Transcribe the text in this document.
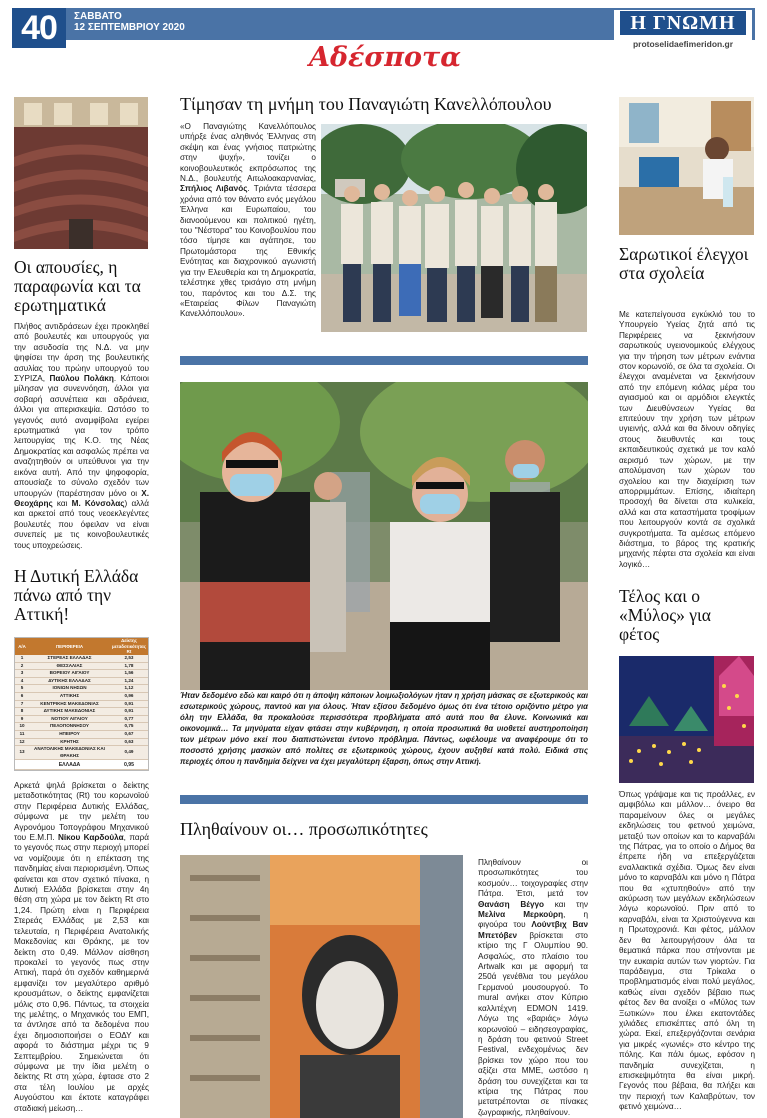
40	ΣΑΒΒΑΤΟ
12 ΣΕΠΤΕΜΒΡΙΟΥ 2020
Αδέσποτα
Η ΓΝΩΜΗ
protoselidaefimeridon.gr
Οι απουσίες, η παραφωνία και τα ερωτηματικά
Πλήθος αντιδράσεων έχει προκληθεί από βουλευτές και υπουργούς για την ασυδοσία της Ν.Δ. να μην ψηφίσει την άρση της βουλευτικής ασυλίας του πρώην υπουργού του ΣΥΡΙΖΑ, Παύλου Πολάκη. Κάποιοι μίλησαν για συνεννόηση, άλλοι για σοβαρή ασυνέπεια και αδράνεια, άλλοι για απερισκεψία. Ωστόσο το γεγονός αυτό αναμφίβολα εγείρει ερωτηματικά για τον τρόπο λειτουργίας της Κ.Ο. της Νέας Δημοκρατίας και ασφαλώς πρέπει να αναζητηθούν οι υπεύθυνοι για την εικόνα αυτή. Από την ψηφοφορία, απουσίαζε το σύνολο σχεδόν των υπουργών (παρέστησαν μόνο οι Χ. Θεοχάρης και Μ. Κόνσολας) αλλά και αρκετοί από τους νεοεκλεγέντες βουλευτές που όφειλαν να είναι συνεπείς με τις κοινοβουλευτικές τους υποχρεώσεις.
Η Δυτική Ελλάδα πάνω από την Αττική!
Α/Α	ΠΕΡΙΦΕΡΕΙΑ	Δείκτης μεταδοτικότητας Rt
1	ΣΤΕΡΕΑΣ ΕΛΛΑΔΑΣ	2,53
2	ΘΕΣΣΑΛΙΑΣ	1,78
3	ΒΟΡΕΙΟΥ ΑΙΓΑΙΟΥ	1,56
4	ΔΥΤΙΚΗΣ ΕΛΛΑΔΑΣ	1,24
5	ΙΟΝΙΩΝ ΝΗΣΩΝ	1,12
6	ΑΤΤΙΚΗΣ	0,96
7	ΚΕΝΤΡΙΚΗΣ ΜΑΚΕΔΟΝΙΑΣ	0,91
8	ΔΥΤΙΚΗΣ ΜΑΚΕΔΟΝΙΑΣ	0,91
9	ΝΟΤΙΟΥ ΑΙΓΑΙΟΥ	0,77
10	ΠΕΛΟΠΟΝΝΗΣΟΥ	0,75
11	ΗΠΕΙΡΟΥ	0,67
12	ΚΡΗΤΗΣ	0,63
13	ΑΝΑΤΟΛΙΚΗΣ ΜΑΚΕΔΟΝΙΑΣ ΚΑΙ ΘΡΑΚΗΣ	0,49
	ΕΛΛΑΔΑ	0,95
Αρκετά ψηλά βρίσκεται ο δείκτης μεταδοτικότητας (Rt) του κορωνοϊού στην Περιφέρεια Δυτικής Ελλάδας, σύμφωνα με την μελέτη του Αγρονόμου Τοπογράφου Μηχανικού του Ε.Μ.Π. Νίκου Καρδούλα, παρά το γεγονός πως στην περιοχή μπορεί να νομίζουμε ότι η επέκταση της πανδημίας είναι περιορισμένη. Όπως φαίνεται και στον σχετικό πίνακα, η Δυτική Ελλάδα βρίσκεται στην 4η θέση στη χώρα με τον δείκτη Rt στο 1,24. Πρώτη είναι η Περιφέρεια Στερεάς Ελλάδας με 2,53 και τελευταία, η Περιφέρεια Ανατολικής Μακεδονίας και Θράκης, με τον δείκτη στο 0,49. Μάλλον αίσθηση προκαλεί το γεγονός πως στην Αττική, παρά ότι σχεδόν καθημερινά εμφανίζει τον μεγαλύτερο αριθμό κρουσμάτων, ο δείκτης εμφανίζεται μόλις στο 0,96. Πάντως, τα στοιχεία της μελέτης, ο Μηχανικός του ΕΜΠ, τα άντλησε από τα δεδομένα που έχει δημοσιοποιήσει ο ΕΟΔΥ και αφορά το διάστημα μέχρι τις 9 Σεπτεμβρίου. Σημειώνεται ότι σύμφωνα με την ίδια μελέτη ο δείκτης Rt στη χώρα, έφτασε στο 2 στα τέλη Ιουλίου με αρχές Αυγούστου και έκτοτε καταγράφει σταδιακή μείωση…
Τίμησαν τη μνήμη του Παναγιώτη Κανελλόπουλου
«Ο Παναγιώτης Κανελλόπουλος υπήρξε ένας αληθινός Έλληνας στη σκέψη και ένας γνήσιος πατριώτης στην ψυχή», τονίζει ο κοινοβουλευτικός εκπρόσωπος της Ν.Δ., βουλευτής Αιτωλοακαρνανίας, Σπήλιος Λιβανός. Τριάντα τέσσερα χρόνια από τον θάνατο ενός μεγάλου Έλληνα και Ευρωπαίου, του διανοούμενου και πολιτικού ηγέτη, του "Νέστορα" του Κοινοβουλίου που τόσο τίμησε και αγάπησε, του Πρωτομάστορα της Εθνικής Ενότητας και διαχρονικού αγωνιστή για την Ελευθερία και τη Δημοκρατία, τελέστηκε χθες τρισάγιο στη μνήμη του, παρόντος και του Δ.Σ. της «Εταιρείας Φίλων Παναγιώτη Κανελλόπουλου».
Ήταν δεδομένο εδώ και καιρό ότι η άποψη κάποιων λοιμωξιολόγων ήταν η χρήση μάσκας σε εξωτερικούς και εσωτερικούς χώρους, παντού και για όλους. Ήταν εξίσου δεδομένο όμως ότι ένα τέτοιο οριζόντιο μέτρο για όλη την Ελλάδα, θα προκαλούσε περισσότερα προβλήματα από αυτά που θα έλυνε. Κοινωνικά και οικονομικά… Τα μηνύματα είχαν φτάσει στην κυβέρνηση, η οποία προσωπικά θα υιοθετεί αυστηροποίηση των μέτρων μόνο εκεί που διαπιστώνεται έντονο πρόβλημα. Πάντως, ωφέλουμε να αναφέρουμε ότι το ποσοστό χρήσης μασκών από πολίτες σε εξωτερικούς χώρους, έχουν αυξηθεί κατά πολύ. Ειδικά στις περιοχές όπου η πανδημία δείχνει να έχει μεγαλύτερη έξαρση, όπως στην Αττική.
Πληθαίνουν οι… προσωπικότητες
Πληθαίνουν οι προσωπικότητες του κοσμούν… τοιχογραφίες στην Πάτρα. Έτσι, μετά τον Θανάση Βέγγο και την Μελίνα Μερκούρη, η φιγούρα του Λούντβιχ Βαν Μπετόβεν βρίσκεται στο κτίριο της Γ Ολυμπίου 90. Ασφαλώς, στο πλαίσιο του Artwalk και με αφορμή τα 250ά γενέθλια του μεγάλου Γερμανού μουσουργού. Το mural ανήκει στον Κύπριο καλλιτέχνη EDMON 1419. Λόγω της «βαριάς» λόγω κορωνοϊού – ειδησεογραφίας, η δράση του φετινού Street Festival, ενδεχομένως δεν βρίσκει τον χώρο που του αξίζει στα ΜΜΕ, ωστόσο η δράση του συνεχίζεται και τα κτίρια της Πάτρας που μετατρέπονται σε πίνακες ζωγραφικής, πληθαίνουν.
Σαρωτικοί έλεγχοι στα σχολεία
Με κατεπείγουσα εγκύκλιό του το Υπουργείο Υγείας ζητά από τις Περιφέρειες να ξεκινήσουν σαρωτικούς υγειονομικούς ελέγχους για την τήρηση των μέτρων ενάντια στον κορωνοϊό, σε όλα τα σχολεία. Οι έλεγχοι αναμένεται να ξεκινήσουν από την επόμενη κιόλας μέρα του αγιασμού και οι αρμόδιοι ελεγκτές των Διευθύνσεων Υγείας θα επιτεύουν την χρήση των μέτρων υγιεινής, αλλά και θα δίνουν οδηγίες στους διευθυντές και τους εκπαιδευτικούς σχετικά με τον καλό αερισμό των χώρων, με την απολύμανση των χώρων του σχολείου και την διαχείριση των απορριμμάτων. Επίσης, ιδιαίτερη προσοχή θα δίνεται στα κυλικεία, αλλά και στα καταστήματα τροφίμων που λειτουργούν κοντά σε σχολικά συγκροτήματα. Τα αμέσως επόμενο διάστημα, το βάρος της κρατικής μηχανής πέφτει στα σχολεία και είναι λογικό…
Τέλος και ο «Μύλος» για φέτος
Όπως γράψαμε και τις προάλλες, εν αμφιβόλω και μάλλον… όνειρο θα παραμείνουν όλες οι μεγάλες εκδηλώσεις του φετινού χειμώνα, μεταξύ των οποίων και το καρναβάλι της Πάτρας, για το οποίο ο Δήμος θα έπρεπε ήδη να επεξεργάζεται εναλλακτικά σχέδια. Όμως δεν είναι μόνο το καρναβάλι και μόνο η Πάτρα που θα «χτυπηθούν» από την ακύρωση των μεγάλων εκδηλώσεων λόγω κορωνοϊού. Πριν από το καρναβάλι, είναι τα Χριστούγεννα και η Πρωτοχρονιά. Και φέτος, μάλλον δεν θα λειτουργήσουν όλα τα θεματικά πάρκα που στήνονται με την ευκαιρία αυτών των γιορτών. Για παράδειγμα, στα Τρίκαλα ο προβληματισμός είναι πολύ μεγάλος, καθώς είναι σχεδόν βέβαιο πως φέτος δεν θα ανοίξει ο «Μύλος των Ξωτικών» που έλκει εκατοντάδες χιλιάδες επισκέπτες από όλη τη χώρα. Εκεί, επεξεργάζονται σενάρια για μικρές «γωνιές» στο κέντρο της πόλης. Και πάλι όμως, εφόσον η πανδημία συνεχίζεται, η επισκεψιμότητα θα είναι μικρή. Γεγονός που βέβαια, θα πλήξει και την περιοχή των Καλαβρύτων, τον φετινό χειμώνα…
